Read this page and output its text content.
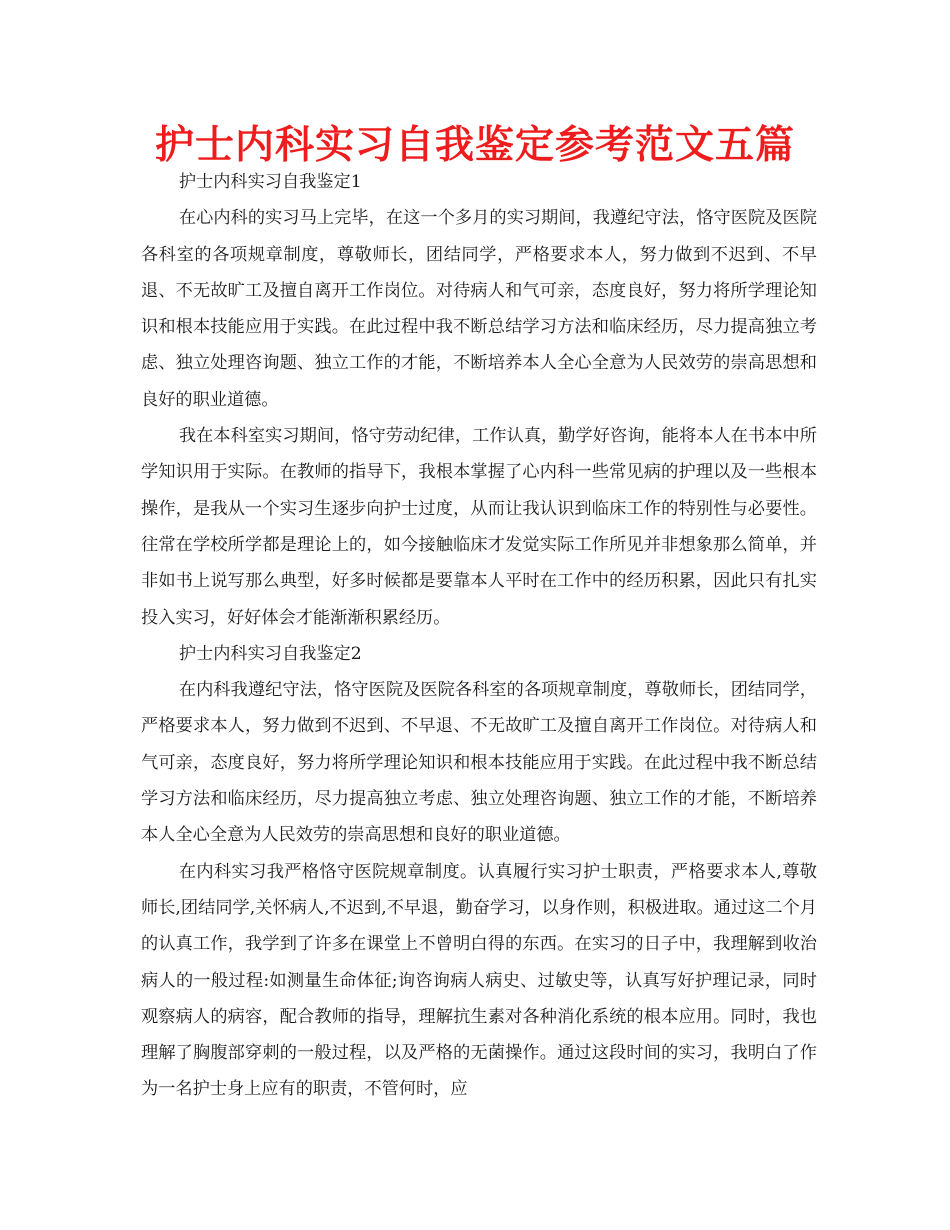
护士内科实习自我鉴定参考范文五篇

护士内科实习自我鉴定1

在心内科的实习马上完毕，在这一个多月的实习期间，我遵纪守法，恪守医院及医院各科室的各项规章制度，尊敬师长，团结同学，严格要求本人，努力做到不迟到、不早退、不无故旷工及擅自离开工作岗位。对待病人和气可亲，态度良好，努力将所学理论知识和根本技能应用于实践。在此过程中我不断总结学习方法和临床经历，尽力提高独立考虑、独立处理咨询题、独立工作的才能，不断培养本人全心全意为人民效劳的崇高思想和良好的职业道德。

我在本科室实习期间，恪守劳动纪律，工作认真，勤学好咨询，能将本人在书本中所学知识用于实际。在教师的指导下，我根本掌握了心内科一些常见病的护理以及一些根本操作，是我从一个实习生逐步向护士过度，从而让我认识到临床工作的特别性与必要性。往常在学校所学都是理论上的，如今接触临床才发觉实际工作所见并非想象那么简单，并非如书上说写那么典型，好多时候都是要靠本人平时在工作中的经历积累，因此只有扎实投入实习，好好体会才能渐渐积累经历。

护士内科实习自我鉴定2

在内科我遵纪守法，恪守医院及医院各科室的各项规章制度，尊敬师长，团结同学，严格要求本人，努力做到不迟到、不早退、不无故旷工及擅自离开工作岗位。对待病人和气可亲，态度良好，努力将所学理论知识和根本技能应用于实践。在此过程中我不断总结学习方法和临床经历，尽力提高独立考虑、独立处理咨询题、独立工作的才能，不断培养本人全心全意为人民效劳的崇高思想和良好的职业道德。

在内科实习我严格恪守医院规章制度。认真履行实习护士职责，严格要求本人,尊敬师长,团结同学,关怀病人,不迟到,不早退，勤奋学习，以身作则，积极进取。通过这二个月的认真工作，我学到了许多在课堂上不曾明白得的东西。在实习的日子中，我理解到收治病人的一般过程:如测量生命体征;询咨询病人病史、过敏史等，认真写好护理记录，同时观察病人的病容，配合教师的指导，理解抗生素对各种消化系统的根本应用。同时，我也理解了胸腹部穿刺的一般过程，以及严格的无菌操作。通过这段时间的实习，我明白了作为一名护士身上应有的职责，不管何时，应
